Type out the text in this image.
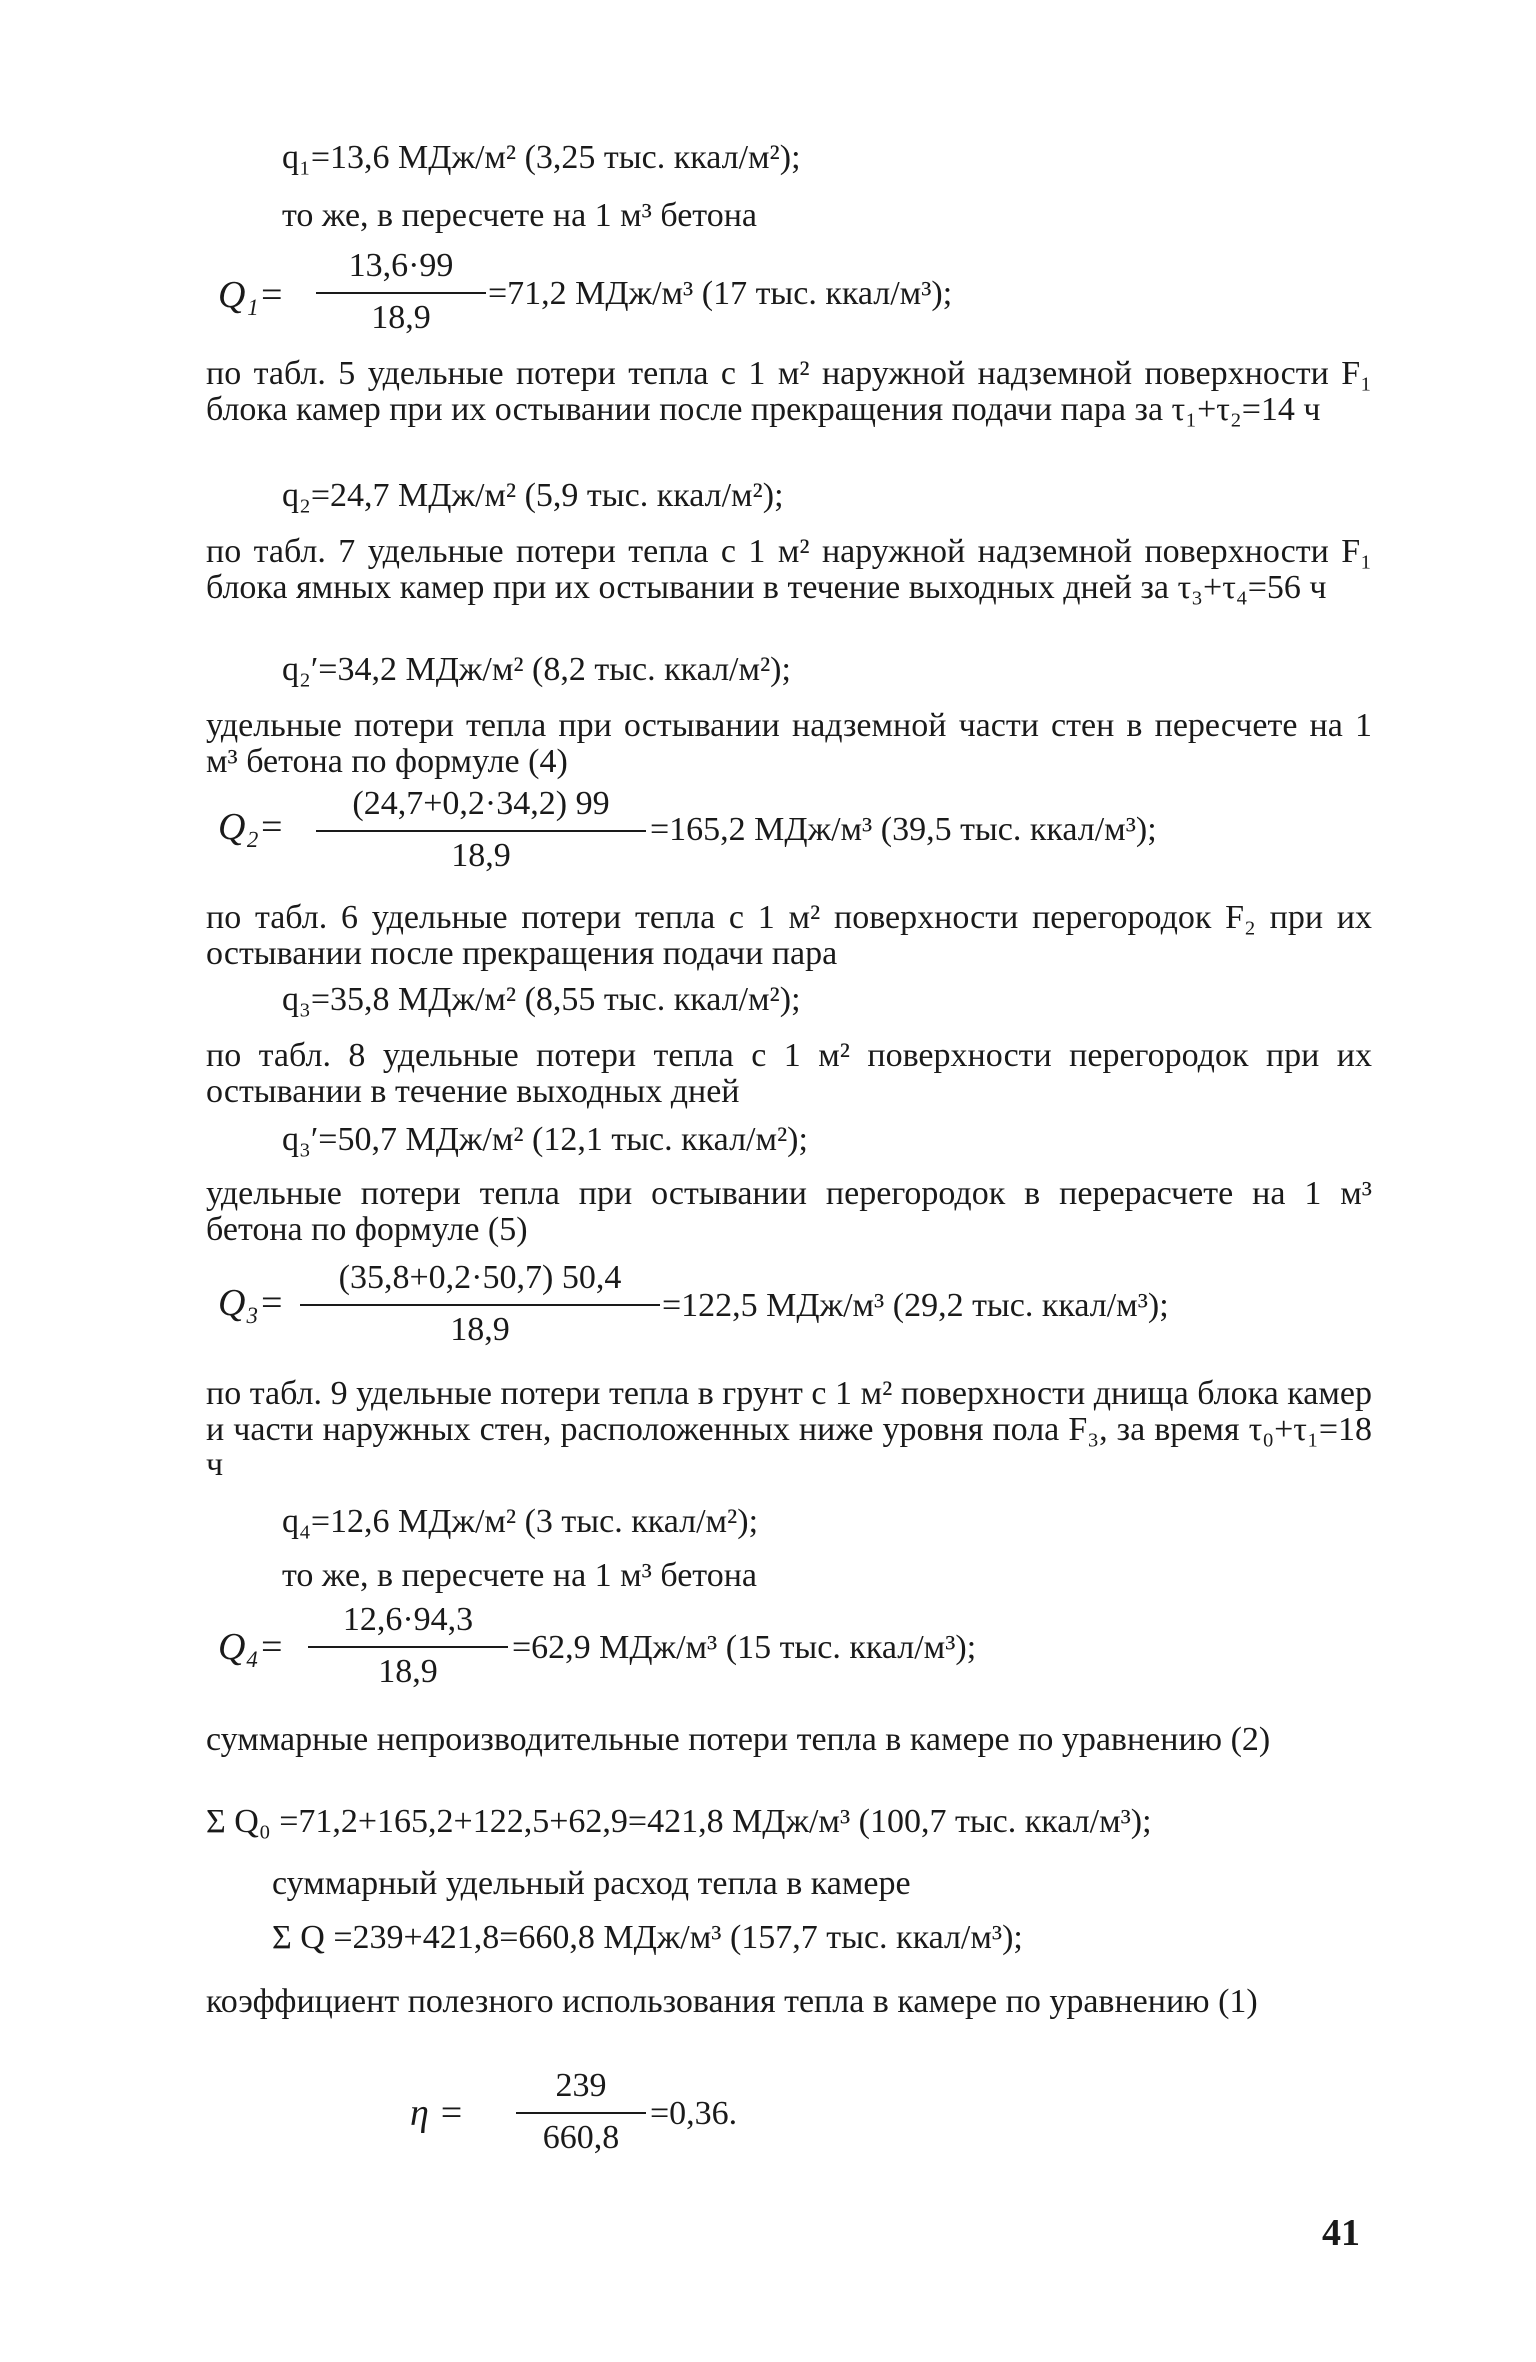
q₁=13,6 МДж/м² (3,25 тыс. ккал/м²);
то же, в пересчете на 1 м³ бетона
Q₁=
13,6·99
18,9
=71,2 МДж/м³ (17 тыс. ккал/м³);
по табл. 5 удельные потери тепла с 1 м² наружной надземной поверхности F₁ блока камер при их остывании после прекращения подачи пара за τ₁+τ₂=14 ч
q₂=24,7 МДж/м² (5,9 тыс. ккал/м²);
по табл. 7 удельные потери тепла с 1 м² наружной надземной поверхности F₁ блока ямных камер при их остывании в течение выходных дней за τ₃+τ₄=56 ч
q₂′=34,2 МДж/м² (8,2 тыс. ккал/м²);
удельные потери тепла при остывании надземной части стен в пересчете на 1 м³ бетона по формуле (4)
Q₂=
(24,7+0,2·34,2) 99
18,9
=165,2 МДж/м³ (39,5 тыс. ккал/м³);
по табл. 6 удельные потери тепла с 1 м² поверхности перегородок F₂ при их остывании после прекращения подачи пара
q₃=35,8 МДж/м² (8,55 тыс. ккал/м²);
по табл. 8 удельные потери тепла с 1 м² поверхности перегородок при их остывании в течение выходных дней
q₃′=50,7 МДж/м² (12,1 тыс. ккал/м²);
удельные потери тепла при остывании перегородок в перерасчете на 1 м³ бетона по формуле (5)
Q₃=
(35,8+0,2·50,7) 50,4
18,9
=122,5 МДж/м³ (29,2 тыс. ккал/м³);
по табл. 9 удельные потери тепла в грунт с 1 м² поверхности днища блока камер и части наружных стен, расположенных ниже уровня пола F₃, за время τ₀+τ₁=18 ч
q₄=12,6 МДж/м² (3 тыс. ккал/м²);
то же, в пересчете на 1 м³ бетона
Q₄=
12,6·94,3
18,9
=62,9 МДж/м³ (15 тыс. ккал/м³);
суммарные непроизводительные потери тепла в камере по уравнению (2)
Σ Q₀ =71,2+165,2+122,5+62,9=421,8 МДж/м³ (100,7 тыс. ккал/м³);
суммарный удельный расход тепла в камере
Σ Q =239+421,8=660,8 МДж/м³ (157,7 тыс. ккал/м³);
коэффициент полезного использования тепла в камере по уравнению (1)
η =
239
660,8
=0,36.
41
